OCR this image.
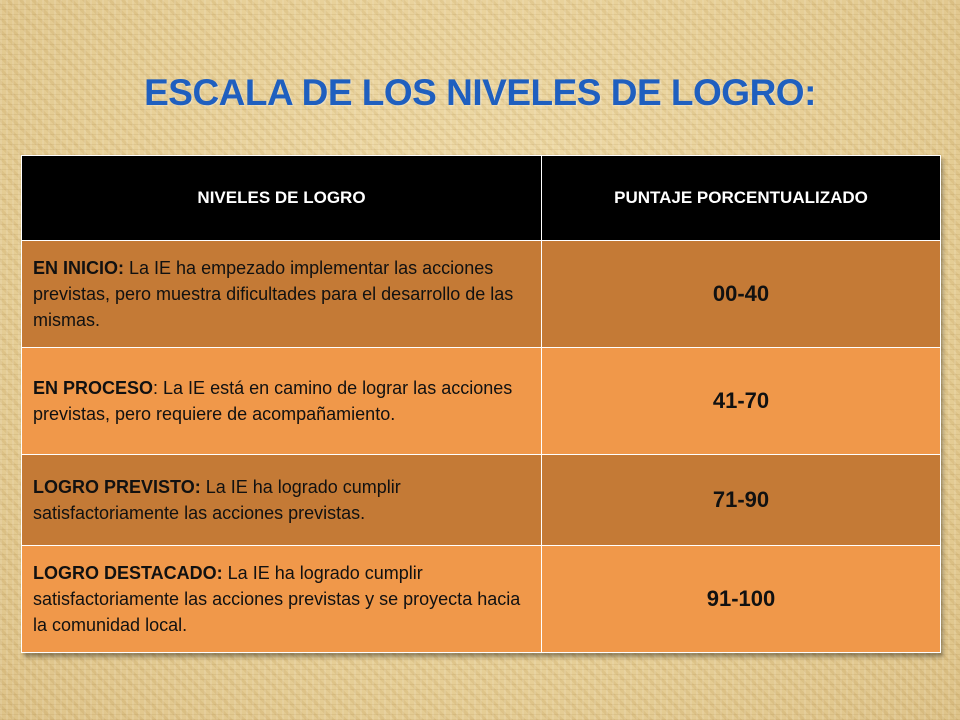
ESCALA DE LOS NIVELES DE LOGRO:
NIVELES DE LOGRO	PUNTAJE PORCENTUALIZADO
EN INICIO: La IE ha empezado implementar las acciones previstas, pero muestra dificultades para el desarrollo de las mismas.	00-40
EN PROCESO: La IE está en camino de lograr las acciones previstas, pero requiere de acompañamiento.	41-70
LOGRO PREVISTO: La IE ha logrado cumplir satisfactoriamente las acciones previstas.	71-90
LOGRO DESTACADO: La IE ha logrado cumplir satisfactoriamente las acciones previstas y se proyecta hacia la comunidad local.	91-100
